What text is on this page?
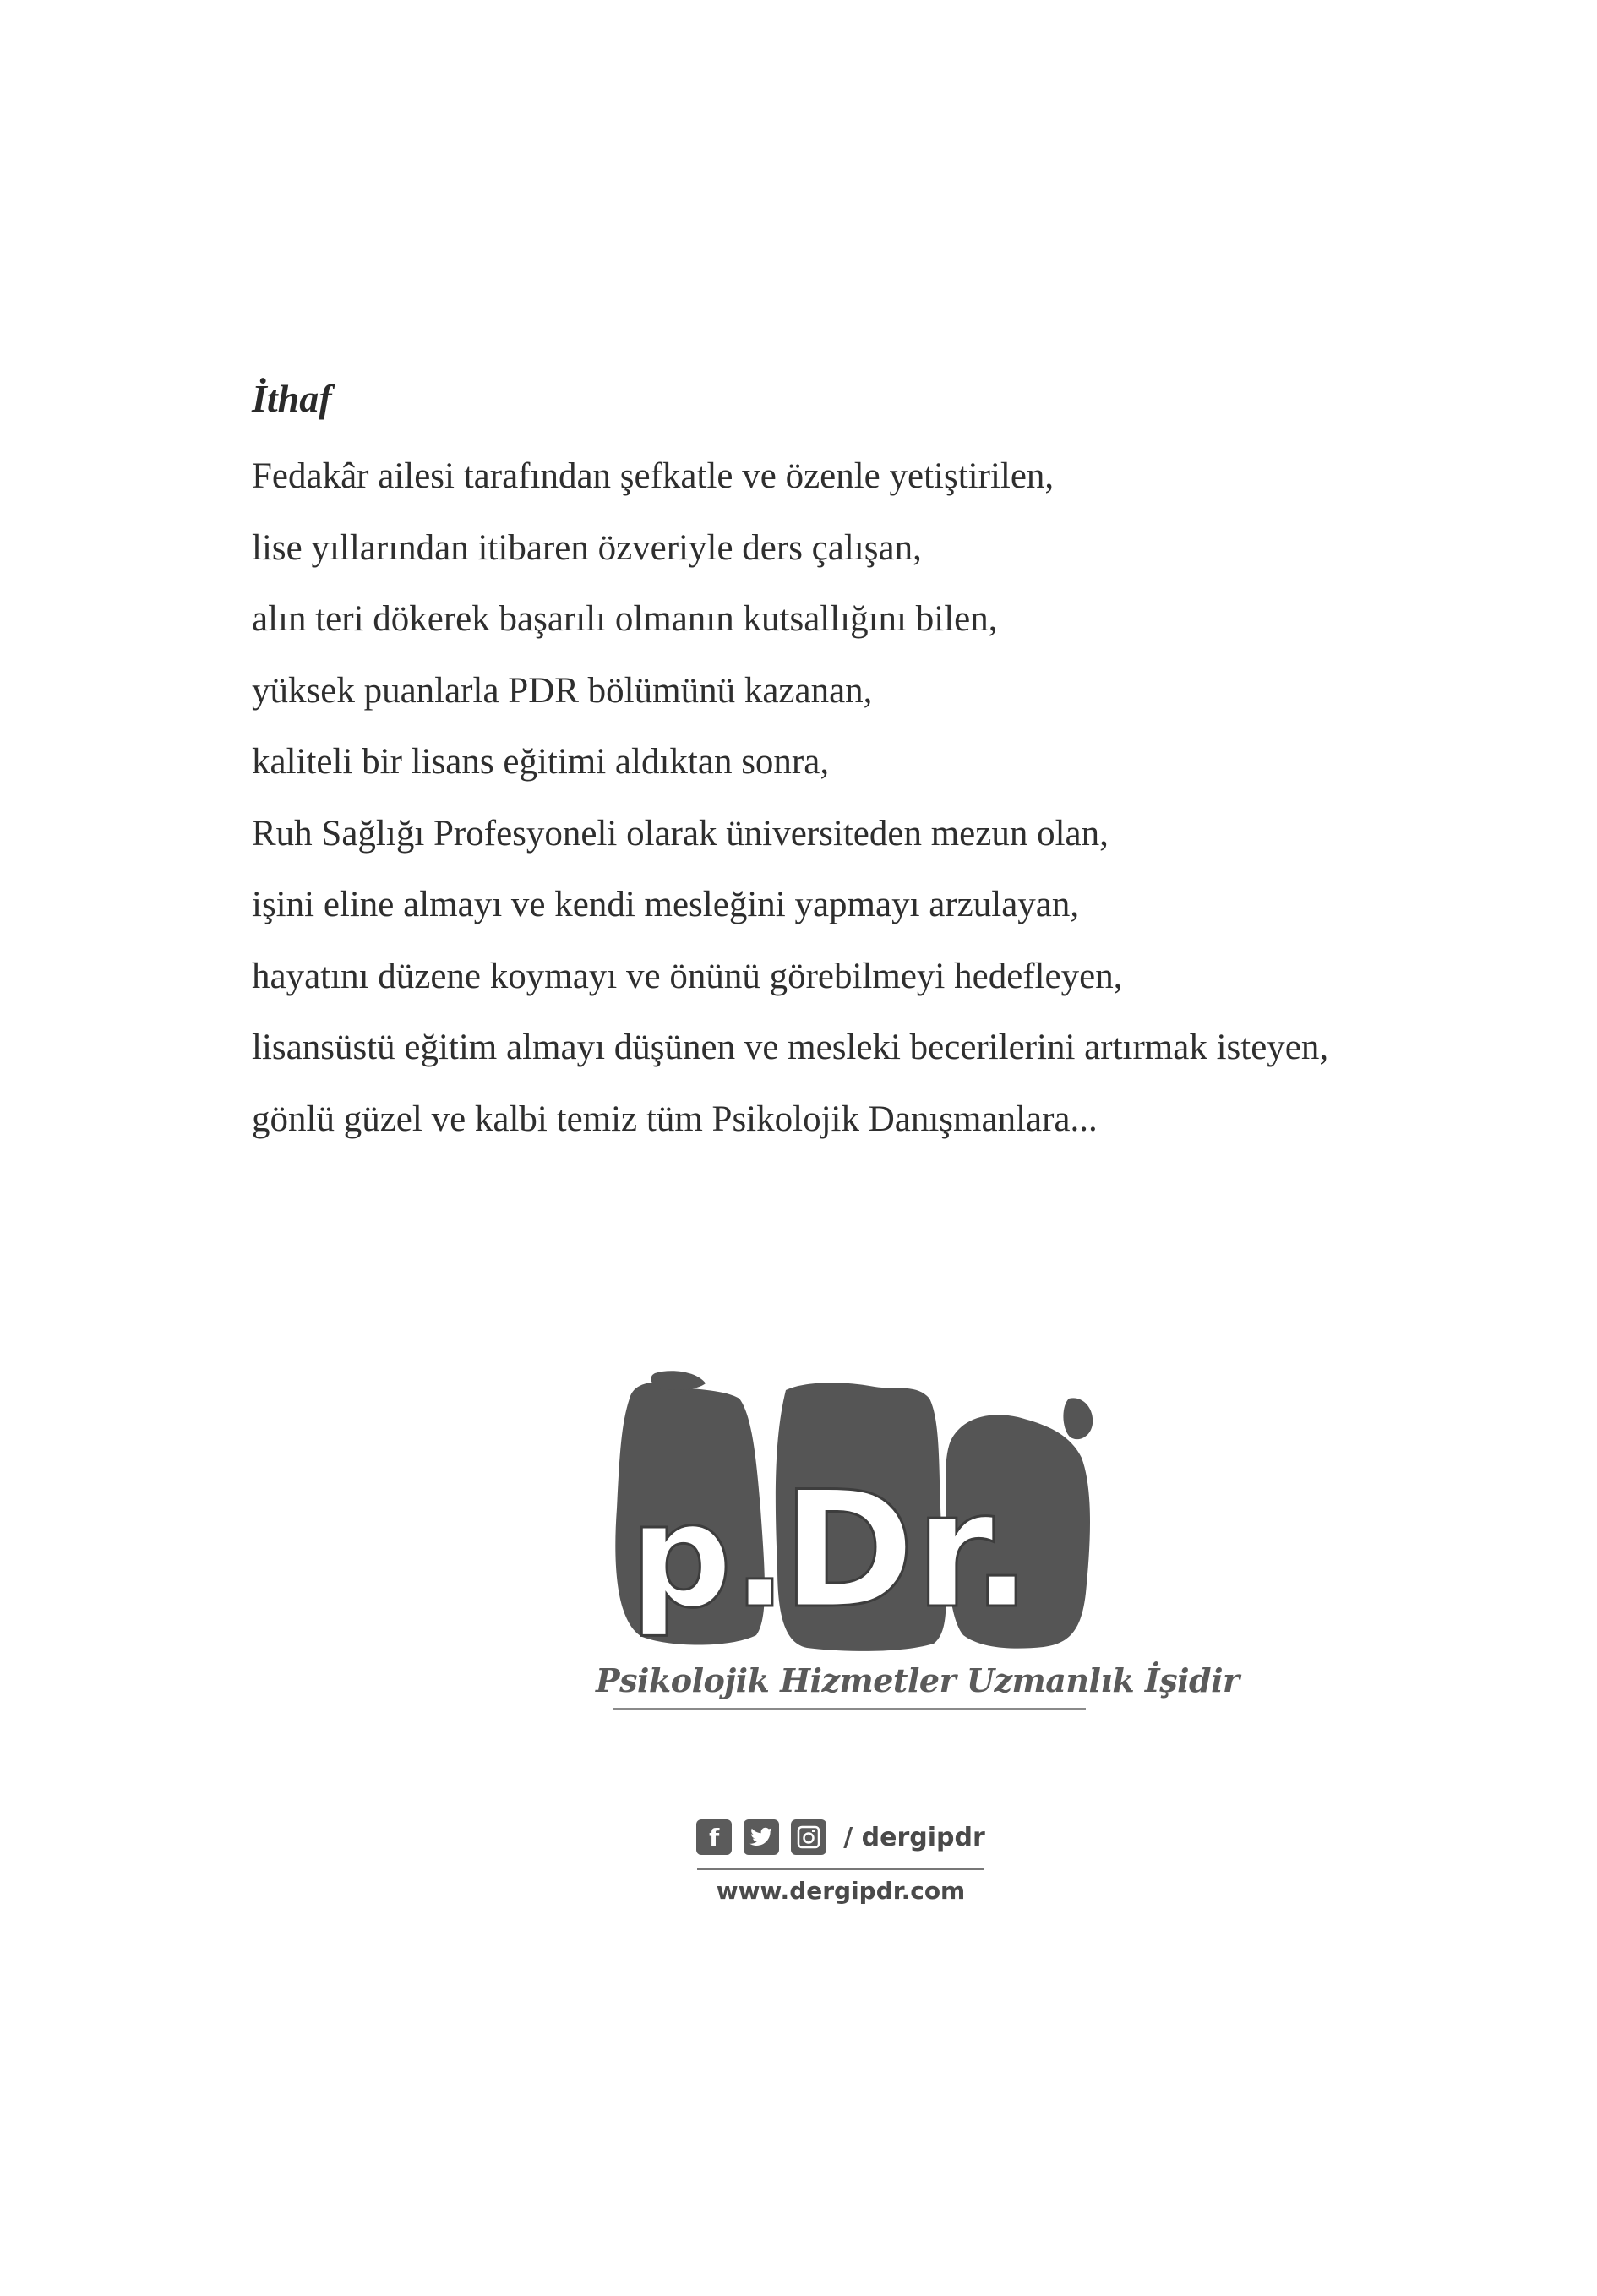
İthaf
Fedakâr ailesi tarafından şefkatle ve özenle yetiştirilen,
lise yıllarından itibaren özveriyle ders çalışan,
alın teri dökerek başarılı olmanın kutsallığını bilen,
yüksek puanlarla PDR bölümünü kazanan,
kaliteli bir lisans eğitimi aldıktan sonra,
Ruh Sağlığı Profesyoneli olarak üniversiteden mezun olan,
işini eline almayı ve kendi mesleğini yapmayı arzulayan,
hayatını düzene koymayı ve önünü görebilmeyi hedefleyen,
lisansüstü eğitim almayı düşünen ve mesleki becerilerini artırmak isteyen,
gönlü güzel ve kalbi temiz tüm Psikolojik Danışmanlara...
p.
Dr.
Psikolojik Hizmetler Uzmanlık İşidir
f	/ dergipdr
www.dergipdr.com
